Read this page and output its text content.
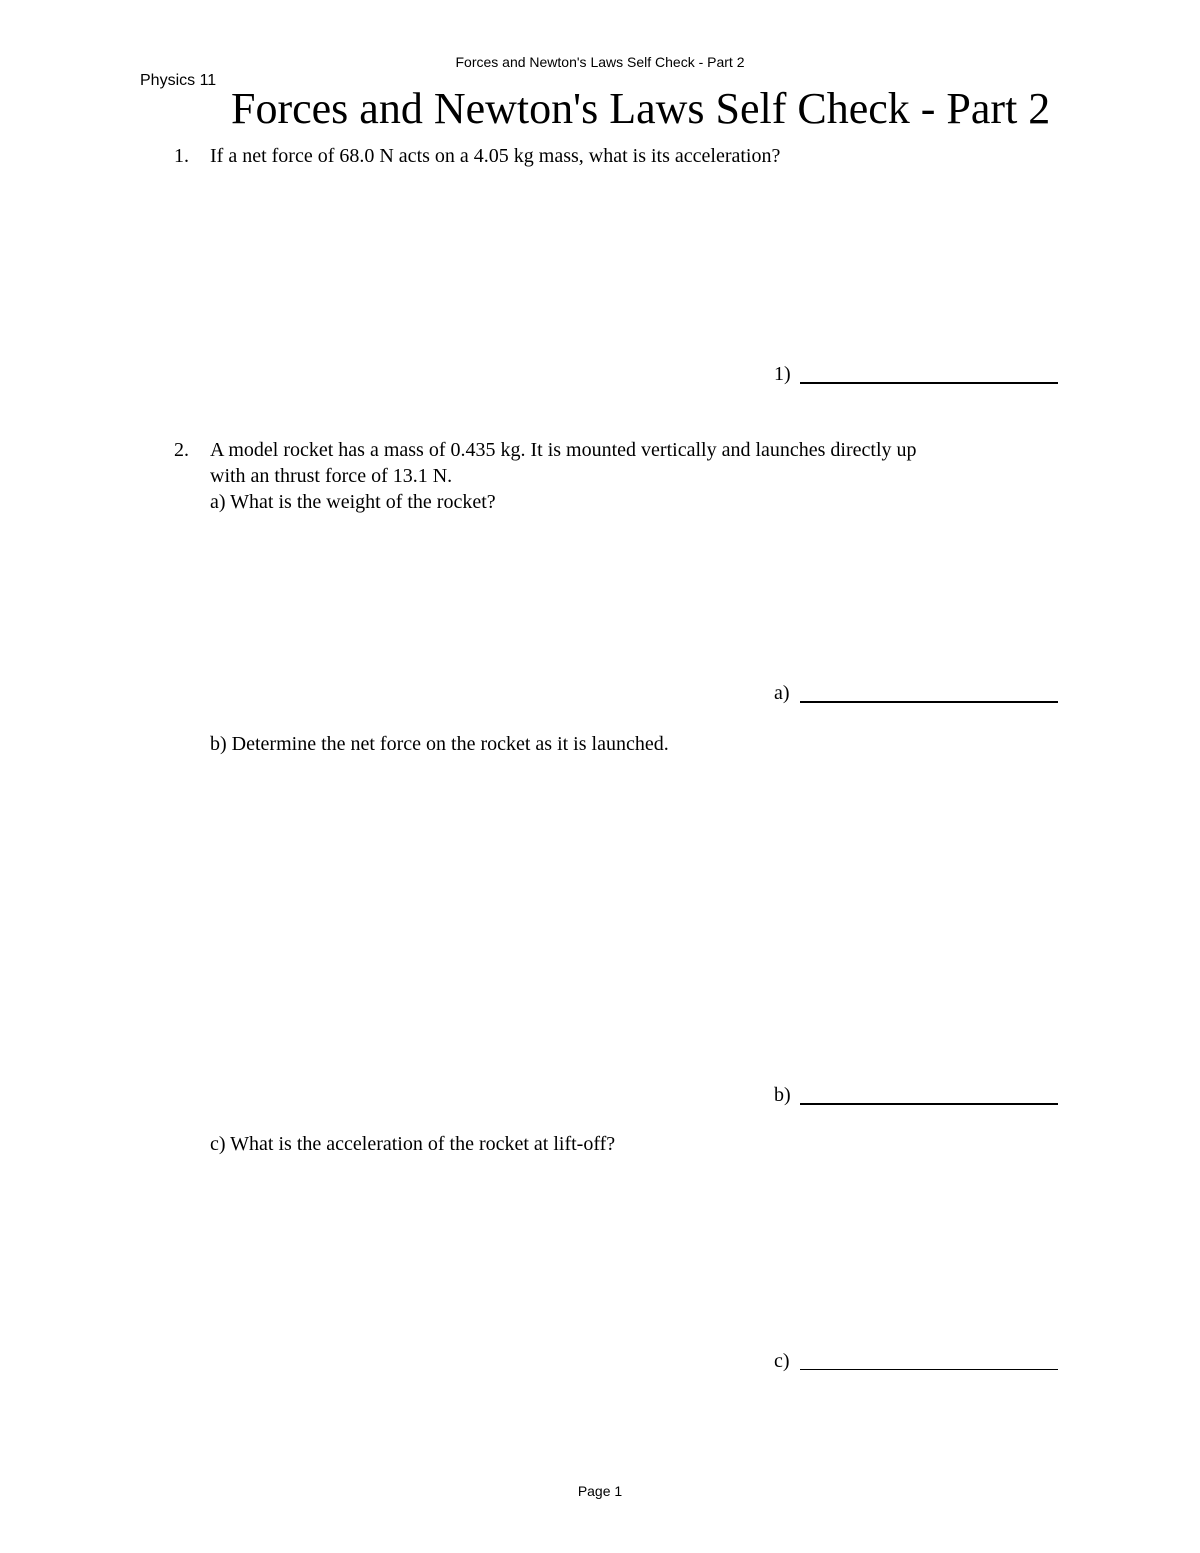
Forces and Newton's Laws Self Check - Part 2
Physics 11
Forces and Newton's Laws Self Check - Part 2
1. If a net force of 68.0 N acts on a 4.05 kg mass, what is its acceleration?
1)
2. A model rocket has a mass of 0.435 kg. It is mounted vertically and launches directly up
with an thrust force of 13.1 N.
a) What is the weight of the rocket?
a)
b) Determine the net force on the rocket as it is launched.
b)
c) What is the acceleration of the rocket at lift-off?
c)
Page 1
